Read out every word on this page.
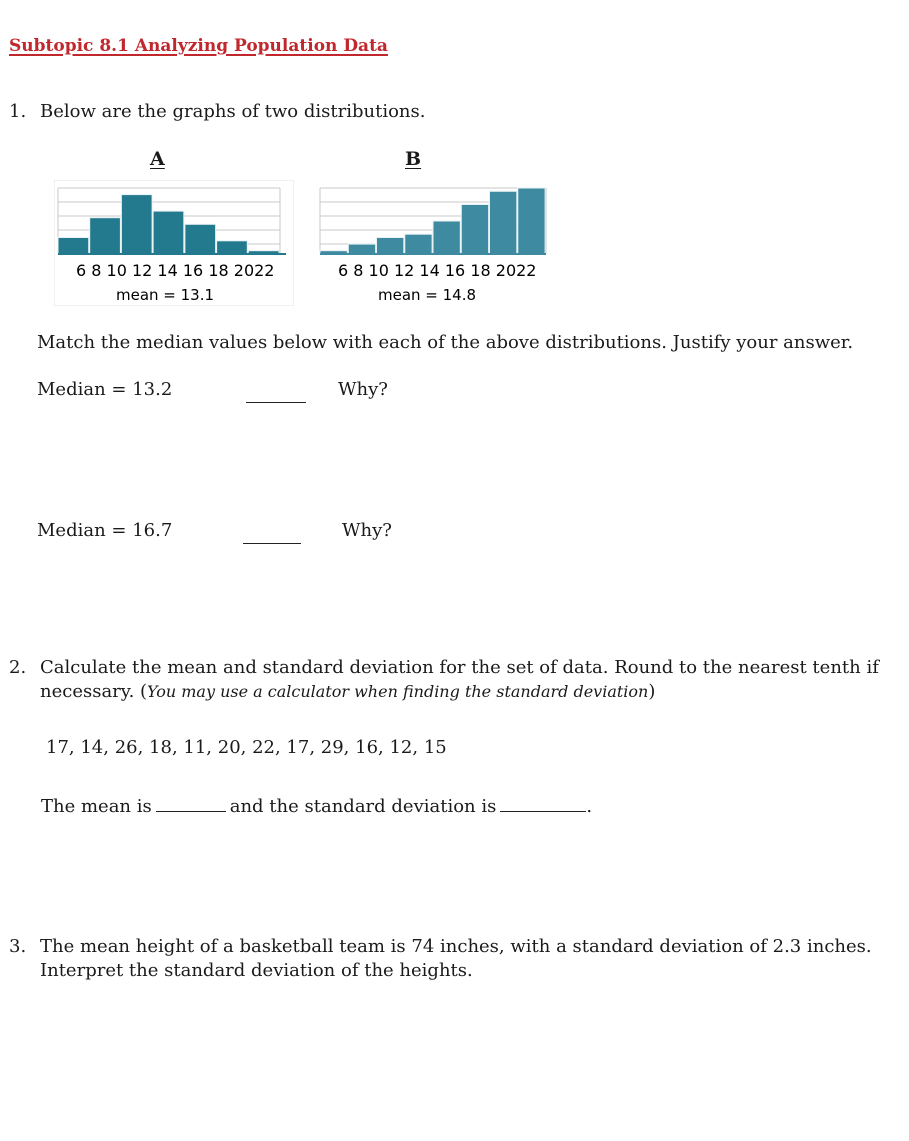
Subtopic 8.1 Analyzing Population Data
1. Below are the graphs of two distributions.
A	B
6 8 10 12 14 16 18 2022
mean = 13.1
6 8 10 12 14 16 18 2022
mean = 14.8
Match the median values below with each of the above distributions. Justify your answer.
Median = 13.2	Why?
Median = 16.7	Why?
2. Calculate the mean and standard deviation for the set of data. Round to the nearest tenth if
necessary. (You may use a calculator when finding the standard deviation)
17, 14, 26, 18, 11, 20, 22, 17, 29, 16, 12, 15
The mean is	and the standard deviation is	.
3. The mean height of a basketball team is 74 inches, with a standard deviation of 2.3 inches.
Interpret the standard deviation of the heights.
